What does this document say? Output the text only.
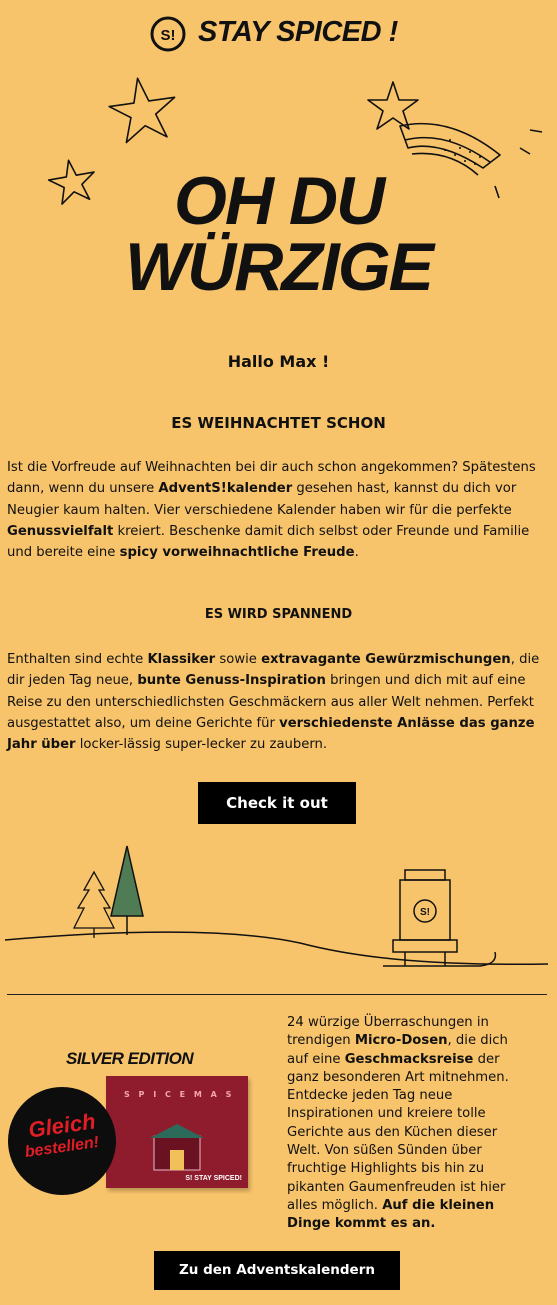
S! STAY SPICED !
OH DU
WÜRZIGE
Hallo Max !
ES WEIHNACHTET SCHON
Ist die Vorfreude auf Weihnachten bei dir auch schon angekommen? Spätestens dann, wenn du unsere AdventS!kalender gesehen hast, kannst du dich vor Neugier kaum halten. Vier verschiedene Kalender haben wir für die perfekte Genussvielfalt kreiert. Beschenke damit dich selbst oder Freunde und Familie und bereite eine spicy vorweihnachtliche Freude.
ES WIRD SPANNEND
Enthalten sind echte Klassiker sowie extravagante Gewürzmischungen, die dir jeden Tag neue, bunte Genuss-Inspiration bringen und dich mit auf eine Reise zu den unterschiedlichsten Geschmäckern aus aller Welt nehmen. Perfekt ausgestattet also, um deine Gerichte für verschiedenste Anlässe das ganze Jahr über locker-lässig super-lecker zu zaubern.
Check it out
S!
SILVER EDITION
S P I C E M A S
S! STAY SPICED!
Gleich
bestellen!
24 würzige Überraschungen in trendigen Micro-Dosen, die dich auf eine Geschmacksreise der ganz besonderen Art mitnehmen. Entdecke jeden Tag neue Inspirationen und kreiere tolle Gerichte aus den Küchen dieser Welt. Von süßen Sünden über fruchtige Highlights bis hin zu pikanten Gaumenfreuden ist hier alles möglich. Auf die kleinen Dinge kommt es an.
Zu den Adventskalendern
